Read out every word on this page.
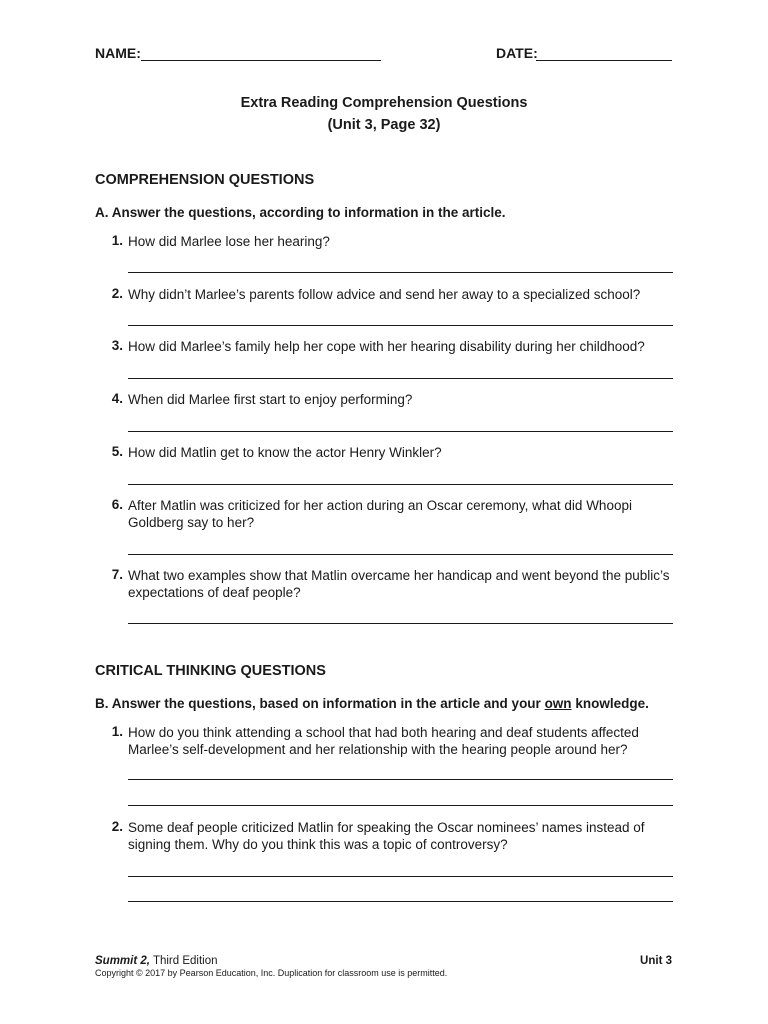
NAME:	DATE:
Extra Reading Comprehension Questions
(Unit 3, Page 32)
COMPREHENSION QUESTIONS
A. Answer the questions, according to information in the article.
1. How did Marlee lose her hearing?
2. Why didn’t Marlee’s parents follow advice and send her away to a specialized school?
3. How did Marlee’s family help her cope with her hearing disability during her childhood?
4. When did Marlee first start to enjoy performing?
5. How did Matlin get to know the actor Henry Winkler?
6. After Matlin was criticized for her action during an Oscar ceremony, what did Whoopi Goldberg say to her?
7. What two examples show that Matlin overcame her handicap and went beyond the public’s expectations of deaf people?
CRITICAL THINKING QUESTIONS
B. Answer the questions, based on information in the article and your own knowledge.
1. How do you think attending a school that had both hearing and deaf students affected Marlee’s self-development and her relationship with the hearing people around her?
2. Some deaf people criticized Matlin for speaking the Oscar nominees’ names instead of signing them. Why do you think this was a topic of controversy?
Summit 2, Third Edition
Copyright © 2017 by Pearson Education, Inc. Duplication for classroom use is permitted.
Unit 3
